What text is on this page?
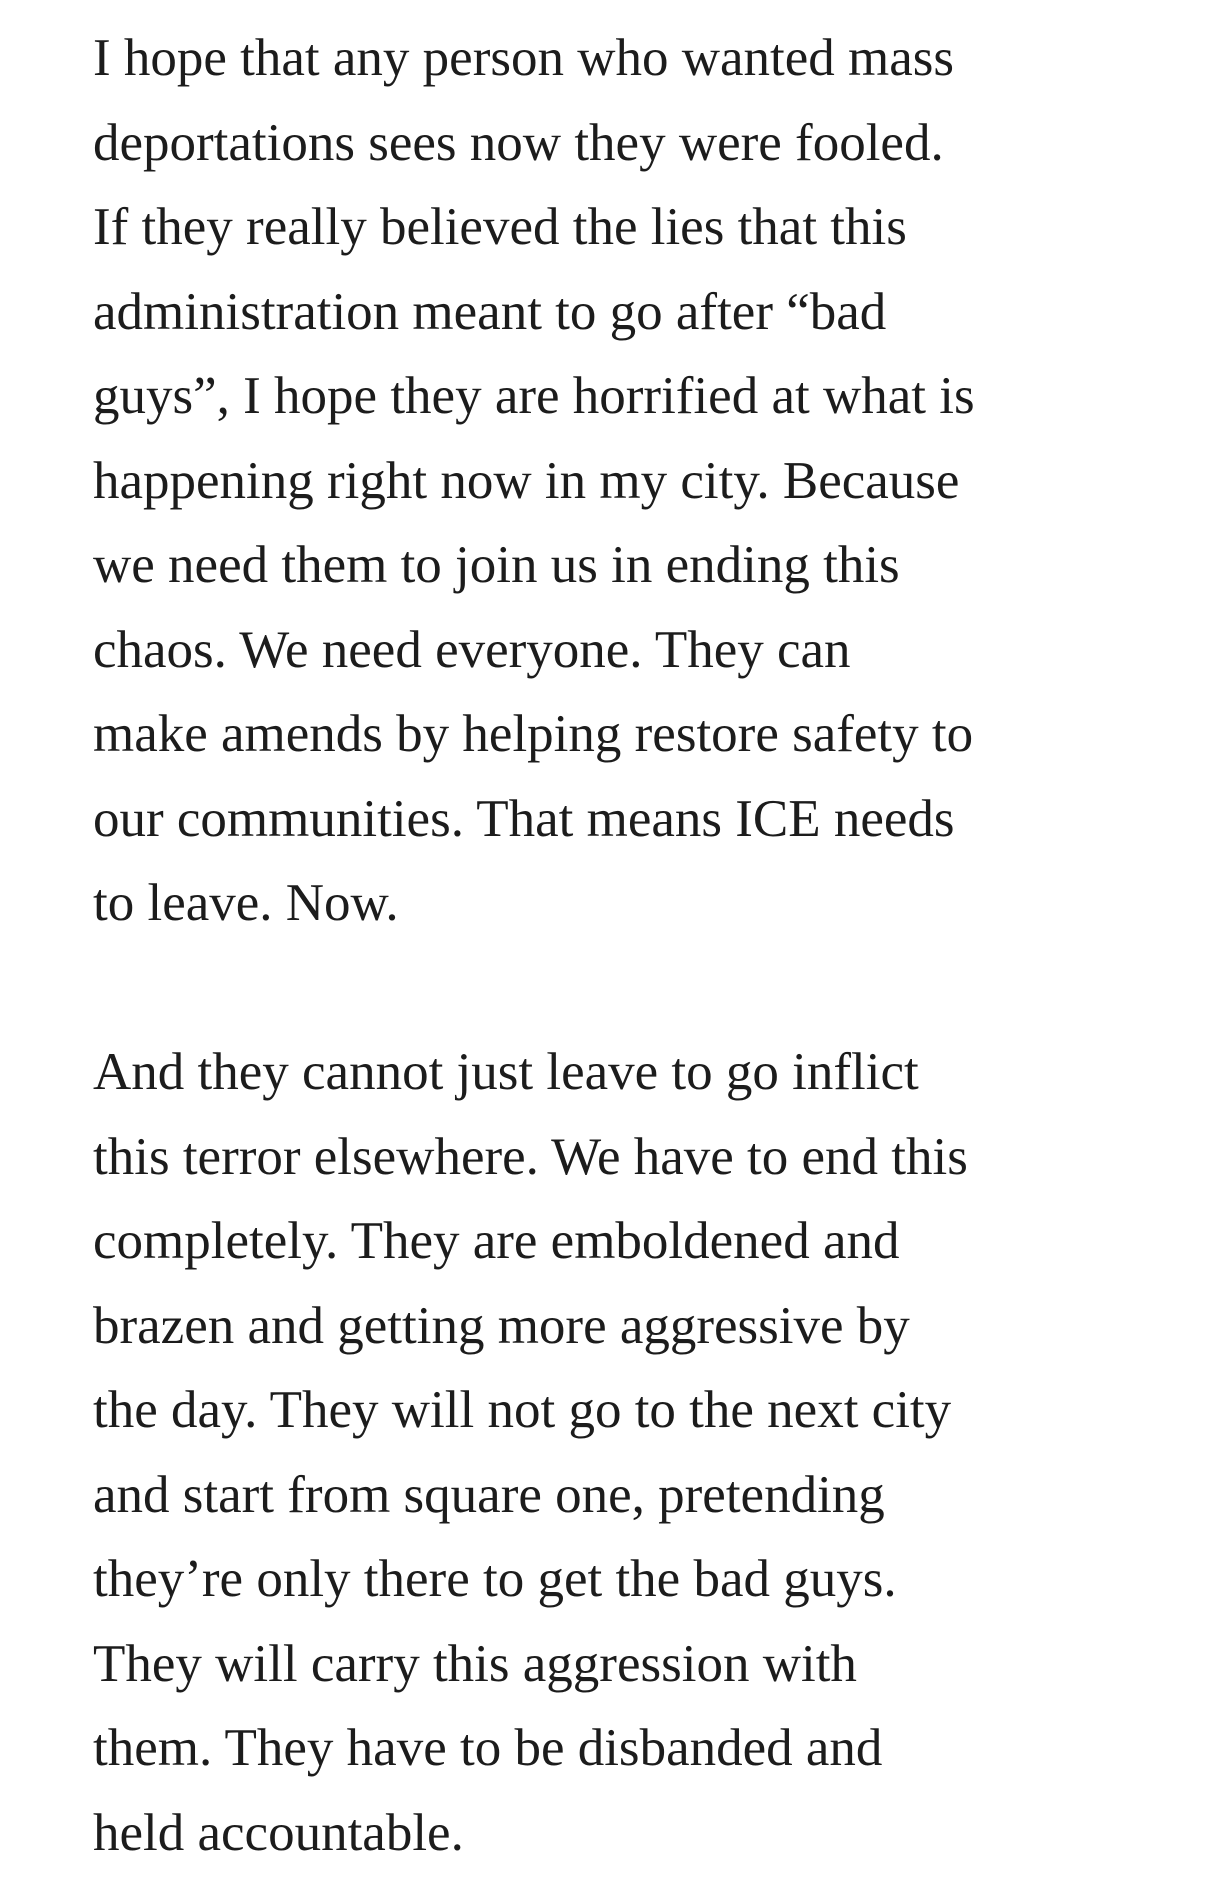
I hope that any person who wanted mass
deportations sees now they were fooled.
If they really believed the lies that this
administration meant to go after “bad
guys”, I hope they are horrified at what is
happening right now in my city. Because
we need them to join us in ending this
chaos. We need everyone. They can
make amends by helping restore safety to
our communities. That means ICE needs
to leave. Now.
And they cannot just leave to go inflict
this terror elsewhere. We have to end this
completely. They are emboldened and
brazen and getting more aggressive by
the day. They will not go to the next city
and start from square one, pretending
they’re only there to get the bad guys.
They will carry this aggression with
them. They have to be disbanded and
held accountable.
